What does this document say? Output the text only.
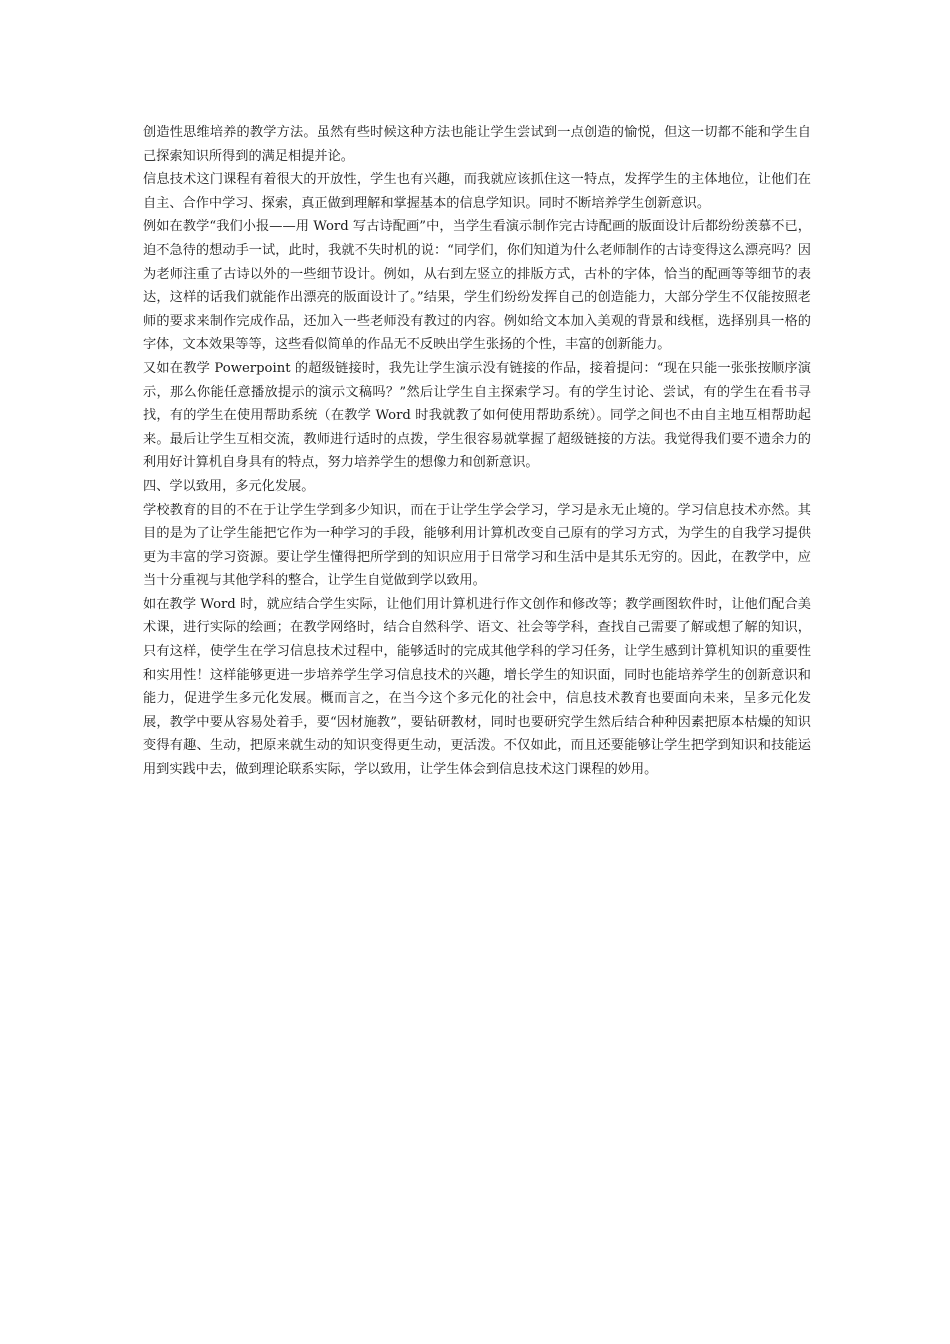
创造性思维培养的教学方法。虽然有些时候这种方法也能让学生尝试到一点创造的愉悦，但这一切都不能和学生自己探索知识所得到的满足相提并论。

信息技术这门课程有着很大的开放性，学生也有兴趣，而我就应该抓住这一特点，发挥学生的主体地位，让他们在自主、合作中学习、探索，真正做到理解和掌握基本的信息学知识。同时不断培养学生创新意识。

例如在教学“我们小报——用 Word 写古诗配画”中，当学生看演示制作完古诗配画的版面设计后都纷纷羡慕不已，迫不急待的想动手一试，此时，我就不失时机的说：“同学们，你们知道为什么老师制作的古诗变得这么漂亮吗？因为老师注重了古诗以外的一些细节设计。例如，从右到左竖立的排版方式，古朴的字体，恰当的配画等等细节的表达，这样的话我们就能作出漂亮的版面设计了。”结果，学生们纷纷发挥自己的创造能力，大部分学生不仅能按照老师的要求来制作完成作品，还加入一些老师没有教过的内容。例如给文本加入美观的背景和线框，选择别具一格的字体，文本效果等等，这些看似简单的作品无不反映出学生张扬的个性，丰富的创新能力。

又如在教学 Powerpoint 的超级链接时，我先让学生演示没有链接的作品，接着提问：“现在只能一张张按顺序演示，那么你能任意播放提示的演示文稿吗？”然后让学生自主探索学习。有的学生讨论、尝试，有的学生在看书寻找，有的学生在使用帮助系统（在教学 Word 时我就教了如何使用帮助系统）。同学之间也不由自主地互相帮助起来。最后让学生互相交流，教师进行适时的点拨，学生很容易就掌握了超级链接的方法。我觉得我们要不遗余力的利用好计算机自身具有的特点，努力培养学生的想像力和创新意识。

四、学以致用，多元化发展。

学校教育的目的不在于让学生学到多少知识，而在于让学生学会学习，学习是永无止境的。学习信息技术亦然。其目的是为了让学生能把它作为一种学习的手段，能够利用计算机改变自己原有的学习方式，为学生的自我学习提供更为丰富的学习资源。要让学生懂得把所学到的知识应用于日常学习和生活中是其乐无穷的。因此，在教学中，应当十分重视与其他学科的整合，让学生自觉做到学以致用。

如在教学 Word 时，就应结合学生实际，让他们用计算机进行作文创作和修改等；教学画图软件时，让他们配合美术课，进行实际的绘画；在教学网络时，结合自然科学、语文、社会等学科，查找自己需要了解或想了解的知识，只有这样，使学生在学习信息技术过程中，能够适时的完成其他学科的学习任务，让学生感到计算机知识的重要性和实用性！这样能够更进一步培养学生学习信息技术的兴趣，增长学生的知识面，同时也能培养学生的创新意识和能力，促进学生多元化发展。概而言之，在当今这个多元化的社会中，信息技术教育也要面向未来，呈多元化发展，教学中要从容易处着手，要“因材施教”，要钻研教材，同时也要研究学生然后结合种种因素把原本枯燥的知识变得有趣、生动，把原来就生动的知识变得更生动，更活泼。不仅如此，而且还要能够让学生把学到知识和技能运用到实践中去，做到理论联系实际，学以致用，让学生体会到信息技术这门课程的妙用。
